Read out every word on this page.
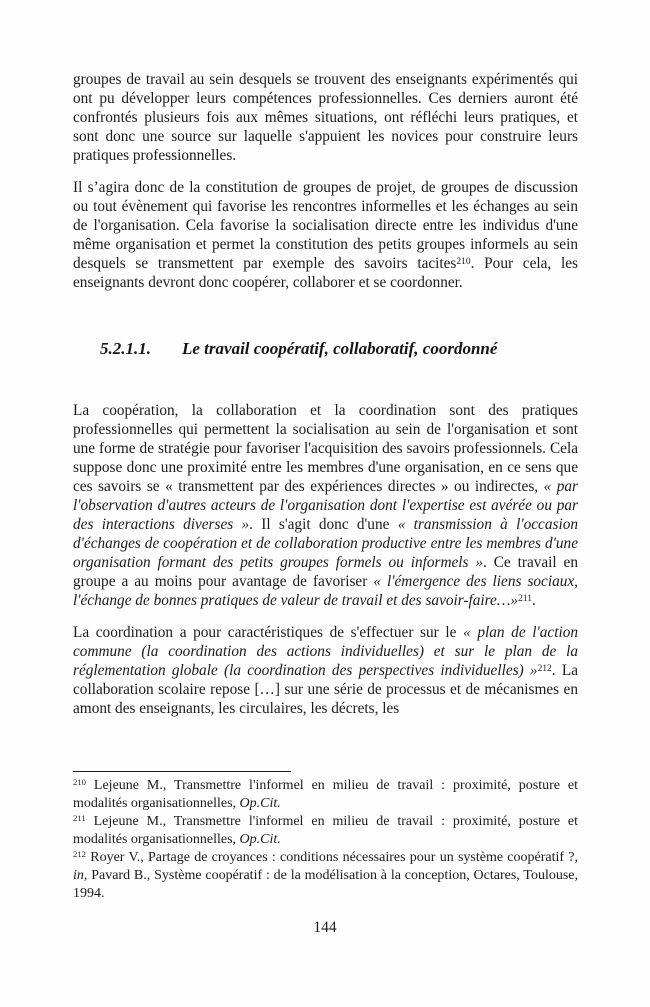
groupes de travail au sein desquels se trouvent des enseignants expérimentés qui ont pu développer leurs compétences professionnelles. Ces derniers auront été confrontés plusieurs fois aux mêmes situations, ont réfléchi leurs pratiques, et sont donc une source sur laquelle s'appuient les novices pour construire leurs pratiques professionnelles.

Il s’agira donc de la constitution de groupes de projet, de groupes de discussion ou tout évènement qui favorise les rencontres informelles et les échanges au sein de l'organisation. Cela favorise la socialisation directe entre les individus d'une même organisation et permet la constitution des petits groupes informels au sein desquels se transmettent par exemple des savoirs tacites$^{210}$. Pour cela, les enseignants devront donc coopérer, collaborer et se coordonner.

5.2.1.1. Le travail coopératif, collaboratif, coordonné

La coopération, la collaboration et la coordination sont des pratiques professionnelles qui permettent la socialisation au sein de l'organisation et sont une forme de stratégie pour favoriser l'acquisition des savoirs professionnels. Cela suppose donc une proximité entre les membres d'une organisation, en ce sens que ces savoirs se « transmettent par des expériences directes » ou indirectes, « par l'observation d'autres acteurs de l'organisation dont l'expertise est avérée ou par des interactions diverses ». Il s'agit donc d'une « transmission à l'occasion d'échanges de coopération et de collaboration productive entre les membres d'une organisation formant des petits groupes formels ou informels ». Ce travail en groupe a au moins pour avantage de favoriser « l'émergence des liens sociaux, l'échange de bonnes pratiques de valeur de travail et des savoir-faire…»$^{211}$.

La coordination a pour caractéristiques de s'effectuer sur le « plan de l'action commune (la coordination des actions individuelles) et sur le plan de la réglementation globale (la coordination des perspectives individuelles) »$^{212}$. La collaboration scolaire repose […] sur une série de processus et de mécanismes en amont des enseignants, les circulaires, les décrets, les

$^{210}$ Lejeune M., Transmettre l'informel en milieu de travail : proximité, posture et modalités organisationnelles, Op.Cit.

$^{211}$ Lejeune M., Transmettre l'informel en milieu de travail : proximité, posture et modalités organisationnelles, Op.Cit.

$^{212}$ Royer V., Partage de croyances : conditions nécessaires pour un système coopératif ?, in, Pavard B., Système coopératif : de la modélisation à la conception, Octares, Toulouse, 1994.

144
